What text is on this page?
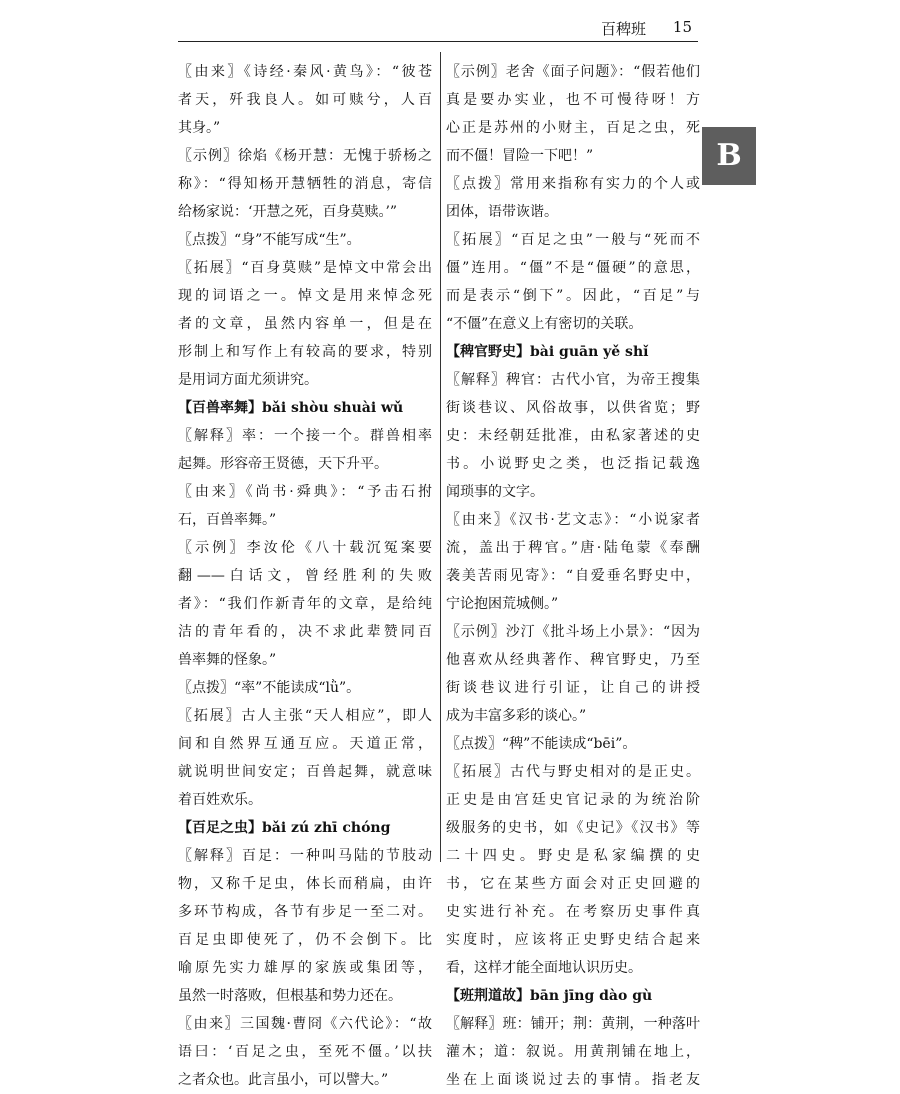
百稗班 15
B
〖由来〗《诗经·秦风·黄鸟》：“彼苍
者天，歼我良人。如可赎兮，人百
其身。”
〖示例〗徐焰《杨开慧：无愧于骄杨之
称》：“得知杨开慧牺牲的消息，寄信
给杨家说：‘开慧之死，百身莫赎。’”
〖点拨〗“身”不能写成“生”。
〖拓展〗“百身莫赎”是悼文中常会出
现的词语之一。悼文是用来悼念死
者的文章，虽然内容单一，但是在
形制上和写作上有较高的要求，特别
是用词方面尤须讲究。
【百兽率舞】bǎi shòu shuài wǔ
〖解释〗率：一个接一个。群兽相率
起舞。形容帝王贤德，天下升平。
〖由来〗《尚书·舜典》：“予击石拊
石，百兽率舞。”
〖示例〗李汝伦《八十载沉冤案要
翻——白话文，曾经胜利的失败
者》：“我们作新青年的文章，是给纯
洁的青年看的，决不求此辈赞同百
兽率舞的怪象。”
〖点拨〗“率”不能读成“lǜ”。
〖拓展〗古人主张“天人相应”，即人
间和自然界互通互应。天道正常，
就说明世间安定；百兽起舞，就意味
着百姓欢乐。
【百足之虫】bǎi zú zhī chóng
〖解释〗百足：一种叫马陆的节肢动
物，又称千足虫，体长而稍扁，由许
多环节构成，各节有步足一至二对。
百足虫即使死了，仍不会倒下。比
喻原先实力雄厚的家族或集团等，
虽然一时落败，但根基和势力还在。
〖由来〗三国魏·曹冏《六代论》：“故
语曰：‘百足之虫，至死不僵。’以扶
之者众也。此言虽小，可以譬大。”
〖示例〗老舍《面子问题》：“假若他们
真是要办实业，也不可慢待呀！方
心正是苏州的小财主，百足之虫，死
而不僵！冒险一下吧！”
〖点拨〗常用来指称有实力的个人或
团体，语带诙谐。
〖拓展〗“百足之虫”一般与“死而不
僵”连用。“僵”不是“僵硬”的意思，
而是表示“倒下”。因此，“百足”与
“不僵”在意义上有密切的关联。
【稗官野史】bài guān yě shǐ
〖解释〗稗官：古代小官，为帝王搜集
街谈巷议、风俗故事，以供省览；野
史：未经朝廷批准，由私家著述的史
书。小说野史之类，也泛指记载逸
闻琐事的文字。
〖由来〗《汉书·艺文志》：“小说家者
流，盖出于稗官。”唐·陆龟蒙《奉酬
袭美苦雨见寄》：“自爱垂名野史中，
宁论抱困荒城侧。”
〖示例〗沙汀《批斗场上小景》：“因为
他喜欢从经典著作、稗官野史，乃至
街谈巷议进行引证，让自己的讲授
成为丰富多彩的谈心。”
〖点拨〗“稗”不能读成“bēi”。
〖拓展〗古代与野史相对的是正史。
正史是由宫廷史官记录的为统治阶
级服务的史书，如《史记》《汉书》等
二十四史。野史是私家编撰的史
书，它在某些方面会对正史回避的
史实进行补充。在考察历史事件真
实度时，应该将正史野史结合起来
看，这样才能全面地认识历史。
【班荆道故】bān jīng dào gù
〖解释〗班：铺开；荆：黄荆，一种落叶
灌木；道：叙说。用黄荆铺在地上，
坐在上面谈说过去的事情。指老友
